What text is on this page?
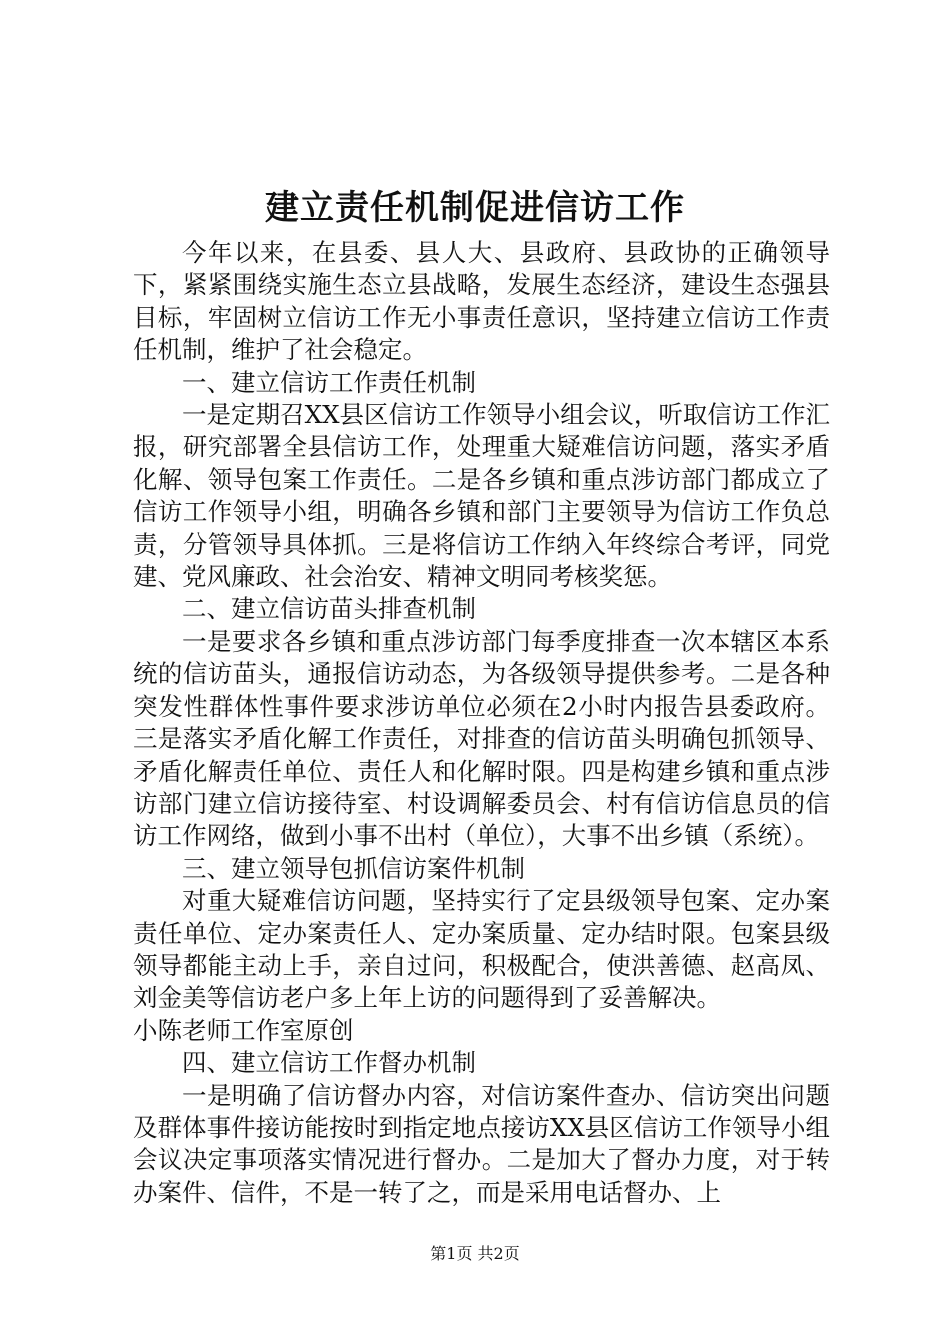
建立责任机制促进信访工作

今年以来，在县委、县人大、县政府、县政协的正确领导下，紧紧围绕实施生态立县战略，发展生态经济，建设生态强县目标，牢固树立信访工作无小事责任意识，坚持建立信访工作责任机制，维护了社会稳定。

一、建立信访工作责任机制

一是定期召XX县区信访工作领导小组会议，听取信访工作汇报，研究部署全县信访工作，处理重大疑难信访问题，落实矛盾化解、领导包案工作责任。二是各乡镇和重点涉访部门都成立了信访工作领导小组，明确各乡镇和部门主要领导为信访工作负总责，分管领导具体抓。三是将信访工作纳入年终综合考评，同党建、党风廉政、社会治安、精神文明同考核奖惩。

二、建立信访苗头排查机制

一是要求各乡镇和重点涉访部门每季度排查一次本辖区本系统的信访苗头，通报信访动态，为各级领导提供参考。二是各种突发性群体性事件要求涉访单位必须在2小时内报告县委政府。三是落实矛盾化解工作责任，对排查的信访苗头明确包抓领导、矛盾化解责任单位、责任人和化解时限。四是构建乡镇和重点涉访部门建立信访接待室、村设调解委员会、村有信访信息员的信访工作网络，做到小事不出村（单位），大事不出乡镇（系统）。

三、建立领导包抓信访案件机制

对重大疑难信访问题，坚持实行了定县级领导包案、定办案责任单位、定办案责任人、定办案质量、定办结时限。包案县级领导都能主动上手，亲自过问，积极配合，使洪善德、赵高凤、刘金美等信访老户多上年上访的问题得到了妥善解决。

小陈老师工作室原创

四、建立信访工作督办机制

一是明确了信访督办内容，对信访案件查办、信访突出问题及群体事件接访能按时到指定地点接访XX县区信访工作领导小组会议决定事项落实情况进行督办。二是加大了督办力度，对于转办案件、信件，不是一转了之，而是采用电话督办、上

第1页 共2页
